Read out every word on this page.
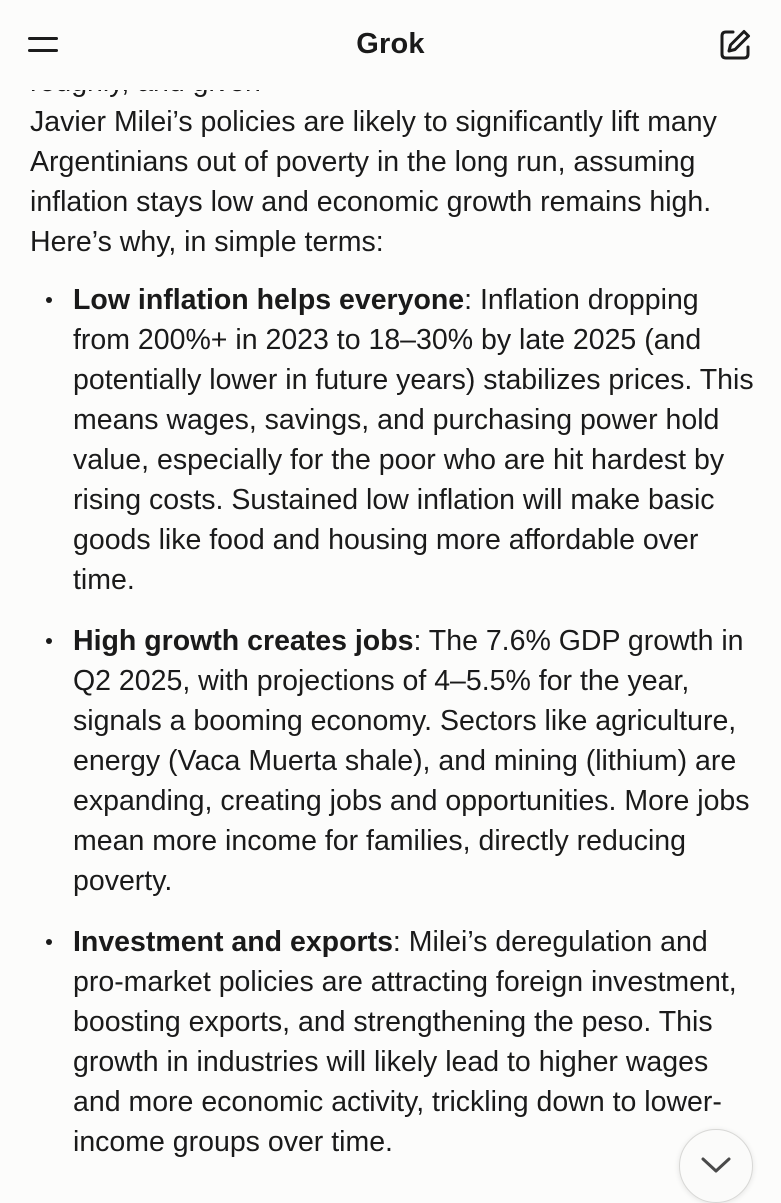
Grok

Javier Milei’s policies are likely to significantly lift many Argentinians out of poverty in the long run, assuming inflation stays low and economic growth remains high. Here’s why, in simple terms:

Low inflation helps everyone: Inflation dropping from 200%+ in 2023 to 18–30% by late 2025 (and potentially lower in future years) stabilizes prices. This means wages, savings, and purchasing power hold value, especially for the poor who are hit hardest by rising costs. Sustained low inflation will make basic goods like food and housing more affordable over time.
High growth creates jobs: The 7.6% GDP growth in Q2 2025, with projections of 4–5.5% for the year, signals a booming economy. Sectors like agriculture, energy (Vaca Muerta shale), and mining (lithium) are expanding, creating jobs and opportunities. More jobs mean more income for families, directly reducing poverty.
Investment and exports: Milei’s deregulation and pro-market policies are attracting foreign investment, boosting exports, and strengthening the peso. This growth in industries will likely lead to higher wages and more economic activity, trickling down to lower-income groups over time.
